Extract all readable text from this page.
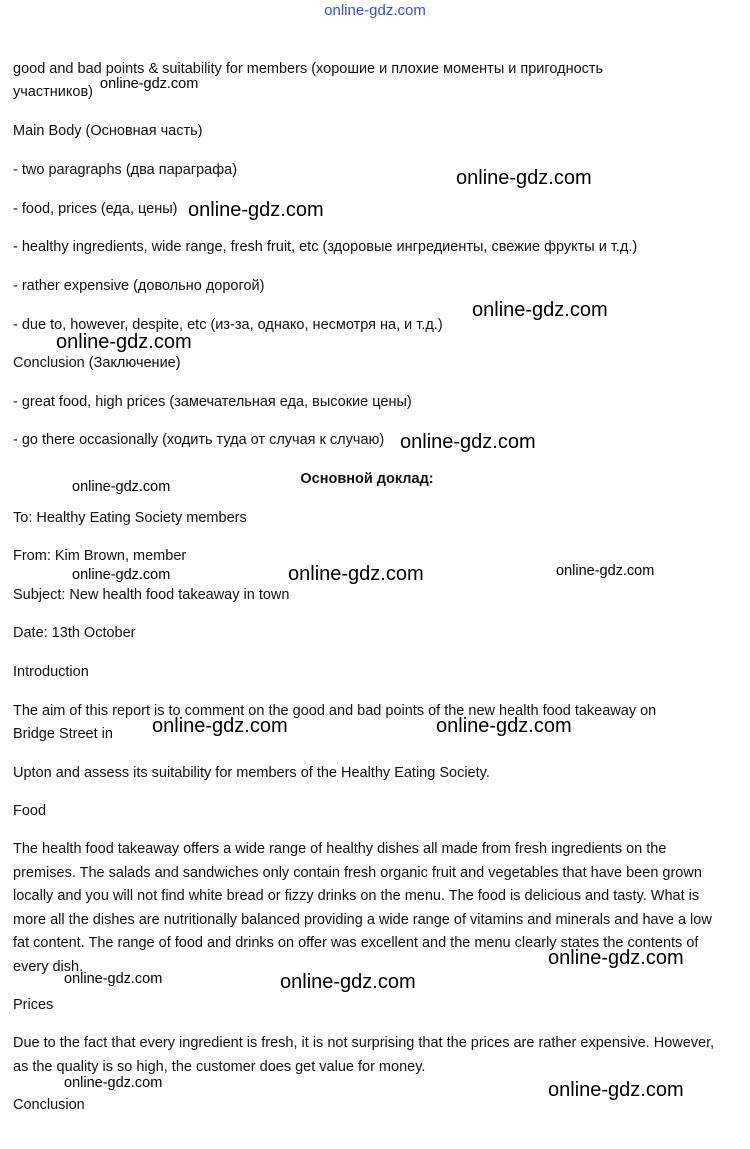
online-gdz.com
good and bad points & suitability for members (хорошие и плохие моменты и пригодность
участников)
Main Body (Основная часть)
- two paragraphs (два параграфа)
- food, prices (еда, цены)
- healthy ingredients, wide range, fresh fruit, etc (здоровые ингредиенты, свежие фрукты и т.д.)
- rather expensive (довольно дорогой)
- due to, however, despite, etc (из-за, однако, несмотря на, и т.д.)
Conclusion (Заключение)
- great food, high prices (замечательная еда, высокие цены)
- go there occasionally (ходить туда от случая к случаю)
Основной доклад:
To: Healthy Eating Society members
From: Kim Brown, member
Subject: New health food takeaway in town
Date: 13th October
Introduction
The aim of this report is to comment on the good and bad points of the new health food takeaway on
Bridge Street in
Upton and assess its suitability for members of the Healthy Eating Society.
Food
The health food takeaway offers a wide range of healthy dishes all made from fresh ingredients on the premises. The salads and sandwiches only contain fresh organic fruit and vegetables that have been grown locally and you will not find white bread or fizzy drinks on the menu. The food is delicious and tasty. What is more all the dishes are nutritionally balanced providing a wide range of vitamins and minerals and have a low fat content. The range of food and drinks on offer was excellent and the menu clearly states the contents of every dish.
Prices
Due to the fact that every ingredient is fresh, it is not surprising that the prices are rather expensive. However, as the quality is so high, the customer does get value for money.
Conclusion
online-gdz.com
online-gdz.com
online-gdz.com
online-gdz.com
online-gdz.com
online-gdz.com
online-gdz.com
online-gdz.com	online-gdz.com	online-gdz.com
online-gdz.com	online-gdz.com
online-gdz.com
online-gdz.com	online-gdz.com
online-gdz.com	online-gdz.com
